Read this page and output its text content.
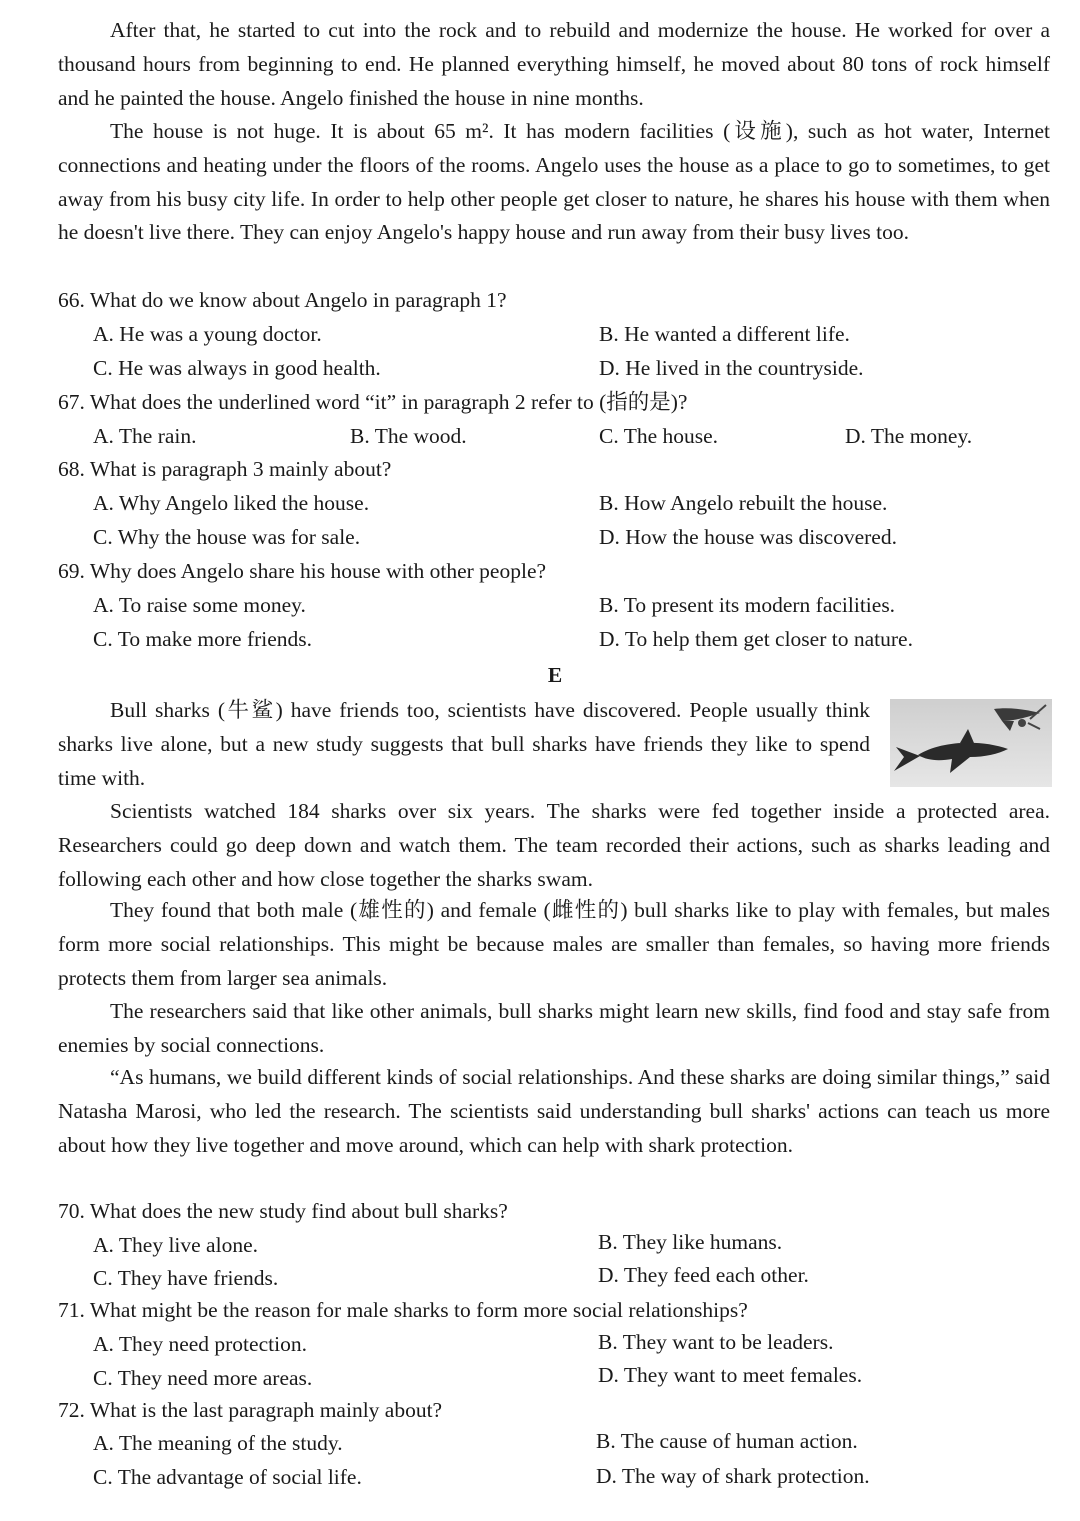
After that, he started to cut into the rock and to rebuild and modernize the house. He worked for over a thousand hours from beginning to end. He planned everything himself, he moved about 80 tons of rock himself and he painted the house. Angelo finished the house in nine months.

The house is not huge. It is about 65 m². It has modern facilities (设施), such as hot water, Internet connections and heating under the floors of the rooms. Angelo uses the house as a place to go to sometimes, to get away from his busy city life. In order to help other people get closer to nature, he shares his house with them when he doesn't live there. They can enjoy Angelo's happy house and run away from their busy lives too.

66. What do we know about Angelo in paragraph 1?

A. He was a young doctor.	B. He wanted a different life.

C. He was always in good health.	D. He lived in the countryside.

67. What does the underlined word “it” in paragraph 2 refer to (指的是)?

A. The rain.	B. The wood.	C. The house.	D. The money.

68. What is paragraph 3 mainly about?

A. Why Angelo liked the house.	B. How Angelo rebuilt the house.

C. Why the house was for sale.	D. How the house was discovered.

69. Why does Angelo share his house with other people?

A. To raise some money.	B. To present its modern facilities.

C. To make more friends.	D. To help them get closer to nature.

E

Bull sharks (牛鲨) have friends too, scientists have discovered. People usually think sharks live alone, but a new study suggests that bull sharks have friends they like to spend time with.

Scientists watched 184 sharks over six years. The sharks were fed together inside a protected area. Researchers could go deep down and watch them. The team recorded their actions, such as sharks leading and following each other and how close together the sharks swam.

They found that both male (雄性的) and female (雌性的) bull sharks like to play with females, but males form more social relationships. This might be because males are smaller than females, so having more friends protects them from larger sea animals.

The researchers said that like other animals, bull sharks might learn new skills, find food and stay safe from enemies by social connections.

“As humans, we build different kinds of social relationships. And these sharks are doing similar things,” said Natasha Marosi, who led the research. The scientists said understanding bull sharks' actions can teach us more about how they live together and move around, which can help with shark protection.

70. What does the new study find about bull sharks?

A. They live alone.	B. They like humans.

C. They have friends.	D. They feed each other.

71. What might be the reason for male sharks to form more social relationships?

A. They need protection.	B. They want to be leaders.

C. They need more areas.	D. They want to meet females.

72. What is the last paragraph mainly about?

A. The meaning of the study.	B. The cause of human action.

C. The advantage of social life.	D. The way of shark protection.
